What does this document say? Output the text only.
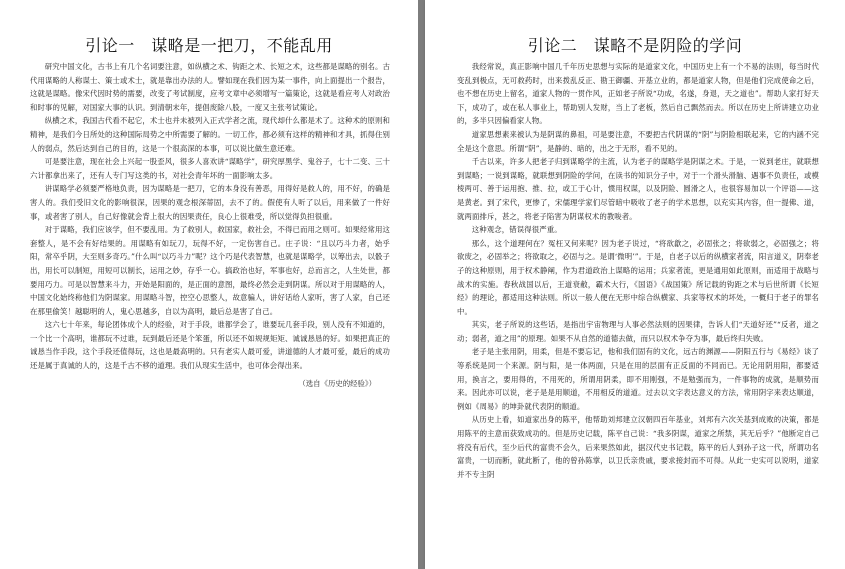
引论一　谋略是一把刀，不能乱用

研究中国文化，古书上有几个名词要注意，如纵横之术、钩距之术、长短之术，这些都是谋略的别名。古代用谋略的人称谋士、策士或术士，就是靠出办法的人。譬如现在我们因为某一事件，向上面提出一个报告，这就是谋略。像宋代因时势的需要，改变了考试制度，应考文章中必须增写一篇策论，这就是看应考人对政治和时事的见解，对国家大事的认识。到清朝末年，提倡废除八股，一度又主张考试策论。

纵横之术，我国古代看不起它，术士也并未被列入正式学者之流，现代却什么都是术了。这种术的原则和精神，是我们今日所处的这种国际局势之中所需要了解的。一切工作，都必须有这样的精神和才具，抓得住别人的弱点，然后达到自己的目的，这是一个很高深的本事，可以说比做生意还难。

可是要注意，现在社会上兴起一股歪风，很多人喜欢讲“谋略学”，研究厚黑学、鬼谷子，七十二变、三十六计都拿出来了，还有人专门写这类的书，对社会青年坏的一面影响太多。

讲谋略学必须要严格地负责，因为谋略是一把刀，它的本身没有善恶，用得好是救人的，用不好，的确是害人的。我们受旧文化的影响很深，因果的观念根深蒂固，去不了的。假使有人听了以后，用来做了一件好事，或者害了别人，自己好像就会背上很大的因果责任，良心上很难受，所以觉得负担很重。

对于谋略，我们应该学，但不要乱用。为了救别人，救国家，救社会，不得已而用之则可。如果经常用这套整人，是不会有好结果的。用谋略有如玩刀，玩得不好，一定伤害自己。庄子说：“且以巧斗力者，始乎阳，常卒乎阴，大至则多奇巧。”什么叫“以巧斗力”呢？这个巧是代表智慧，也就是谋略学，以筹出去，以骰子出，用长可以制短，用短可以制长，运用之妙，存乎一心。搞政治也好，军事也好，总而言之，人生处世，都要用巧力。可是以智慧来斗力，开始是阳面的，是正面的意图，最终必然会走到阴谋。所以对于用谋略的人，中国文化始终称他们为阴谋家。用谋略斗智，控空心思整人，故意骗人，讲好话给人家听，害了人家，自己还在那里偷笑！越聪明的人，鬼心思越多，自以为高明，最后总是害了自己。

这六七十年来，每论团体成个人的经验，对于手段，谁都学会了，谁要玩几套手段，别人没有不知道的，一个比一个高明，谁都玩不过谁，玩到最后还是个笨蛋，所以还不如规规矩矩、诚诚恳恳的好。如果把真正的诚恳当作手段，这个手段还值得玩，这也是最高明的。只有老实人最可爱，讲道德的人才最可爱，最后的成功还是属于真诚的人的，这是千古不移的道理。我们从现实生活中，也可体会得出来。

（选自《历史的经验》）
引论二　谋略不是阴险的学问

我经常说，真正影响中国几千年历史思想与实际的是道家文化，中国历史上有一个不易的法则，每当时代变乱到极点，无可救药时，出来拨乱反正、勘王御疆、开基立业的，都是道家人物，但是他们完成使命之后，也不想在历史上留名，道家人物的一贯作风，正如老子所说“功成，名遂，身退，天之道也”。帮助人家打好天下，成功了，或在私人事业上，帮助别人发财，当上了老板，然后自己飘然而去。所以在历史上所讲建立功业的，多半只因偏看家人物。

道家思想素来被认为是阴谋的鼻祖，可是要注意，不要把古代阴谋的“阴”与阴险相联起来，它的内涵不完全是这个意思。所谓“阴”，是静的、暗的，出之于无形，看不见的。

千古以来，许多人把老子归到谋略学的主流，认为老子的谋略学是阴谋之术。于是，一说到老庄，就联想到谋略；一说到谋略，就联想到阴险的学问，在读书的知识分子中，对于一个滑头滑脑、遇事不负责任，或模棱两可、善于运用抱、推、拉，或工于心计，惯用权谋，以及阴险、圆滑之人，也很容易加以一个评语——这是黄老。到了宋代，更惨了，宋儒理学家们尽管暗中吸收了老子的学术思想，以充实其内容，但一提佛、道，就两面排斥，甚之，将老子陷害为阴谋权术的教唆者。

这种观念，错误得很严重。

那么，这个道理何在？冤枉又何来呢？因为老子说过，“将欲歙之，必固张之；将欲弱之，必固强之；将欲废之，必固举之；将欲取之，必固与之。是谓‘微明’”。于是，自老子以后的纵横家者流，阳言道义，阴奉老子的这种原则，用于权术静阐，作为君道政治上谋略的运用；兵家者流，更是通用如此原则，而适用于战略与战术的实施。春秋战国以后，王道衰敝，霸术大行，《国语》《战国策》所记载的钩距之术与后世所谓《长短经》的理论，都适用这种法则。所以一般人便在无形中综合纵横家、兵家等权术的坏处，一概归于老子的罪名中。

其实，老子所说的这些话，是指出宇宙物理与人事必然法则的因果律，告诉人们“天道好还”“反者，道之动；弱者，道之用”的原理。如果不从自然的道德去做，而只以权术争夺为事，最后终归失败。

老子是主张用阴，用柔，但是不要忘记，他和我们固有的文化，远古的渊源——阴阳五行与《易经》谈了等系统是同一个来源。阴与阳，是一体两面，只是在用的层面有正反面的不同而已。无论用阴用阳，都要适用，换言之，要用得的，不用死的，所谓用阴柔，即不用刚强，不是勉强而为，一件事物的成就，是顺势而来。因此亦可以说，老子是是用顺道，不用相反的道道。过去以文字表达意义的方法，常用阴字来表达顺道，例如《周易》的坤卦就代表阴的顺道。

从历史上看，如道家出身的陈平，他帮助刘邦建立汉朝四百年基业，刘邦有六次关基到成败的决策，都是用陈平的主意而获致成功的。但是历史记载，陈平自己说：“我多阴谋，道家之所禁，其无后乎？”他断定自己将没有后代，至少后代的富贵不会久，后来果然如此，据汉代史书记载，陈平的后人到孙子这一代，所谓功名富贵，一切而断，就此断了，他的曾孙陈掌，以卫氏亲贵戚，要求接封而不可得。从此一史实可以说明，道家并不专主阴
